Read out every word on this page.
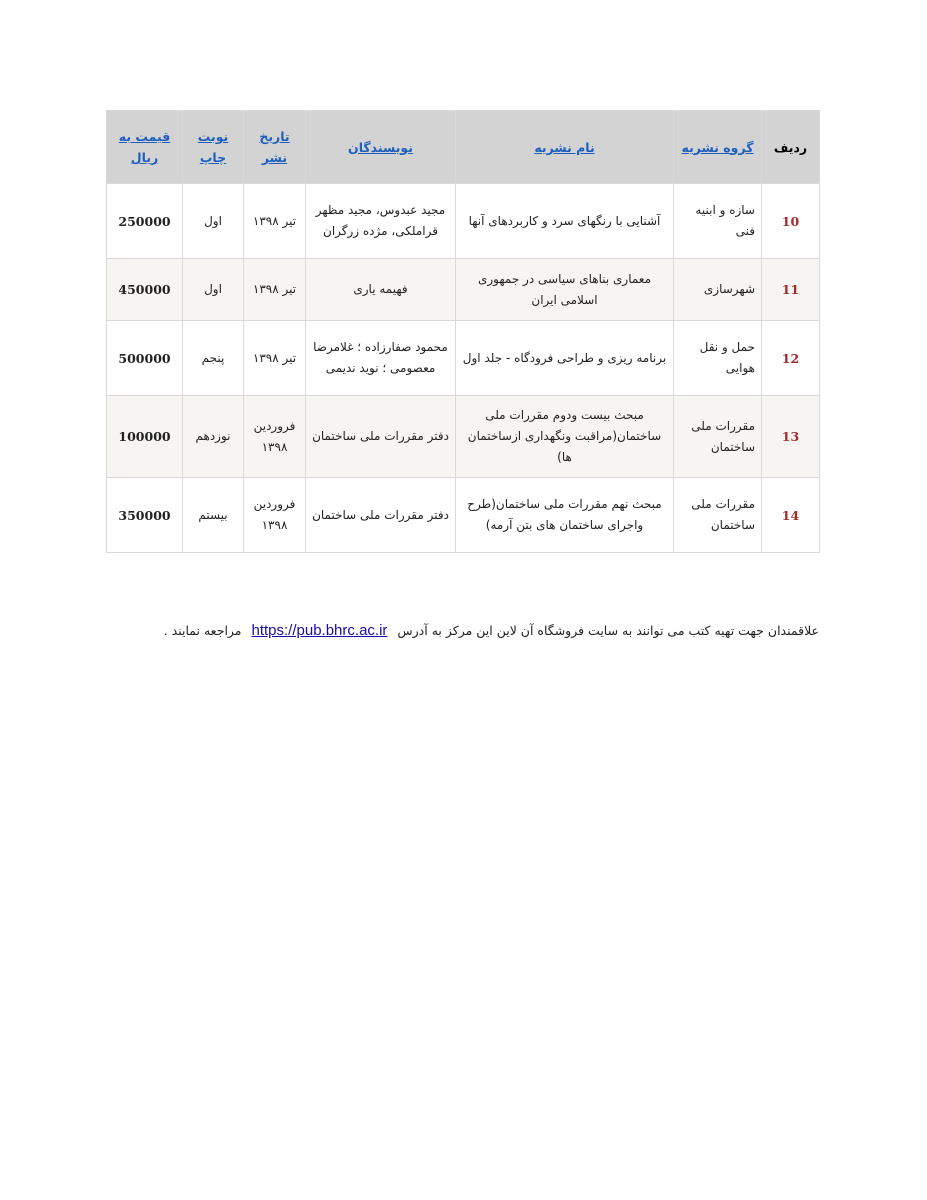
ردیف	گروه نشریه	نام نشریه	نویسندگان	تاریخ نشر	نوبت چاپ	قیمت به ریال
10	سازه و ابنیه فنی	آشنایی با رنگهای سرد و کاربردهای آنها	مجید عبدوس، مجید مظهر قراملکی، مژده زرگران	تیر ۱۳۹۸	اول	250000
11	شهرسازی	معماری بناهای سیاسی در جمهوری اسلامی ایران	فهیمه یاری	تیر ۱۳۹۸	اول	450000
12	حمل و نقل هوایی	برنامه ریزی و طراحی فرودگاه - جلد اول	محمود صفارزاده ؛ غلامرضا معصومی ؛ نوید ندیمی	تیر ۱۳۹۸	پنجم	500000
13	مقررات ملی ساختمان	مبحث بیست ودوم مقررات ملی ساختمان(مراقبت ونگهداری ازساختمان ها)	دفتر مقررات ملی ساختمان	فروردین ۱۳۹۸	نوزدهم	100000
14	مقررات ملی ساختمان	مبحث نهم مقررات ملی ساختمان(طرح واجرای ساختمان های بتن آرمه)	دفتر مقررات ملی ساختمان	فروردین ۱۳۹۸	بیستم	350000
علاقمندان جهت تهیه کتب می توانند به سایت فروشگاه آن لاین این مرکز به آدرس https://pub.bhrc.ac.ir مراجعه نمایند .
